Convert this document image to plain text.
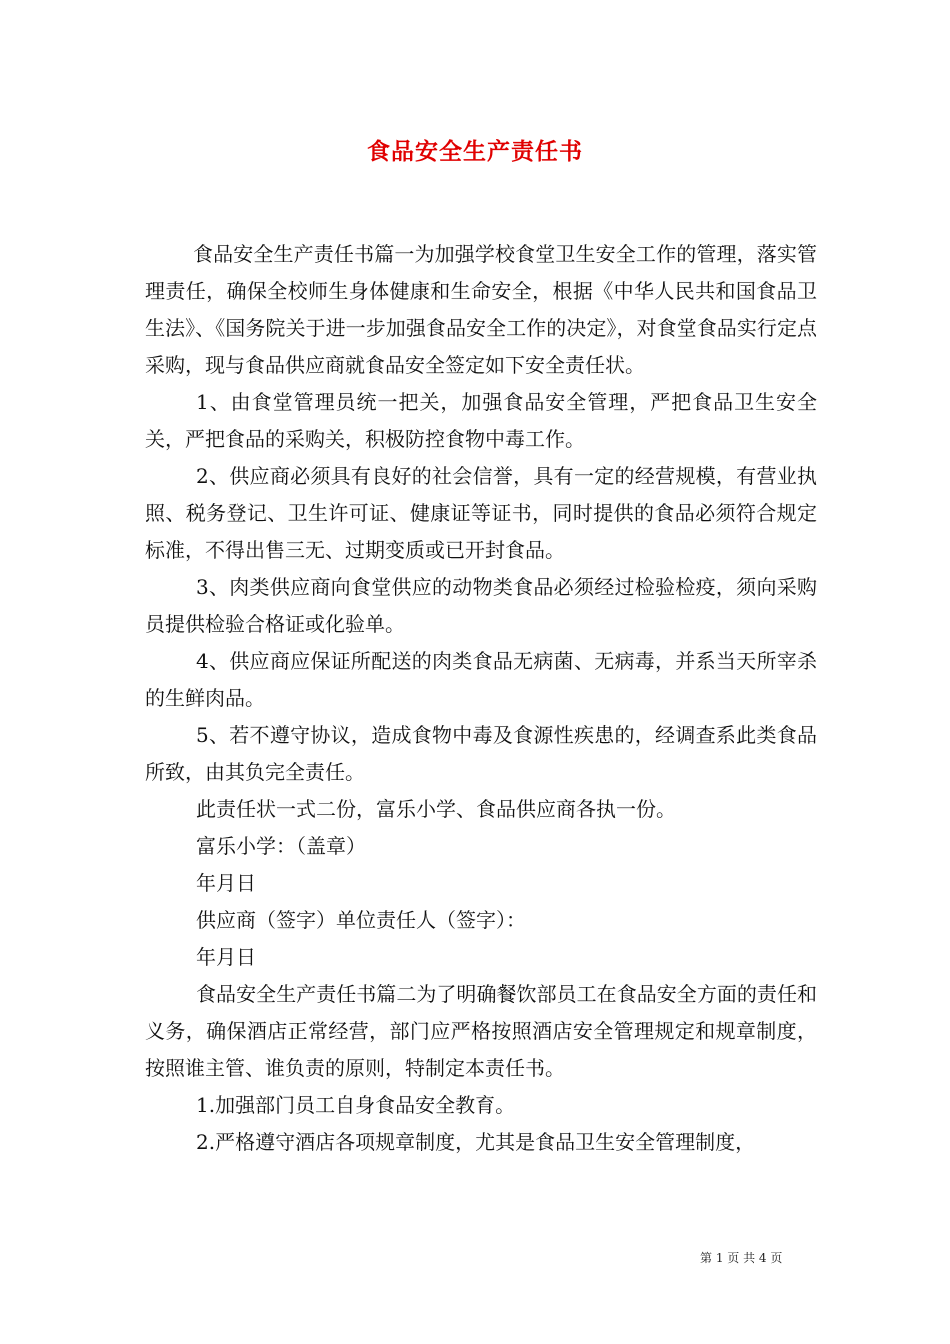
食品安全生产责任书

食品安全生产责任书篇一为加强学校食堂卫生安全工作的管理，落实管理责任，确保全校师生身体健康和生命安全，根据《中华人民共和国食品卫生法》、《国务院关于进一步加强食品安全工作的决定》，对食堂食品实行定点采购，现与食品供应商就食品安全签定如下安全责任状。

1、由食堂管理员统一把关，加强食品安全管理，严把食品卫生安全关，严把食品的采购关，积极防控食物中毒工作。

2、供应商必须具有良好的社会信誉，具有一定的经营规模，有营业执照、税务登记、卫生许可证、健康证等证书，同时提供的食品必须符合规定标准，不得出售三无、过期变质或已开封食品。

3、肉类供应商向食堂供应的动物类食品必须经过检验检疫，须向采购员提供检验合格证或化验单。

4、供应商应保证所配送的肉类食品无病菌、无病毒，并系当天所宰杀的生鲜肉品。

5、若不遵守协议，造成食物中毒及食源性疾患的，经调查系此类食品所致，由其负完全责任。

此责任状一式二份，富乐小学、食品供应商各执一份。

富乐小学：（盖章）

年月日

供应商（签字）单位责任人（签字）：

年月日

食品安全生产责任书篇二为了明确餐饮部员工在食品安全方面的责任和义务，确保酒店正常经营，部门应严格按照酒店安全管理规定和规章制度，按照谁主管、谁负责的原则，特制定本责任书。

1.加强部门员工自身食品安全教育。

2.严格遵守酒店各项规章制度，尤其是食品卫生安全管理制度，

第 1 页 共 4 页
